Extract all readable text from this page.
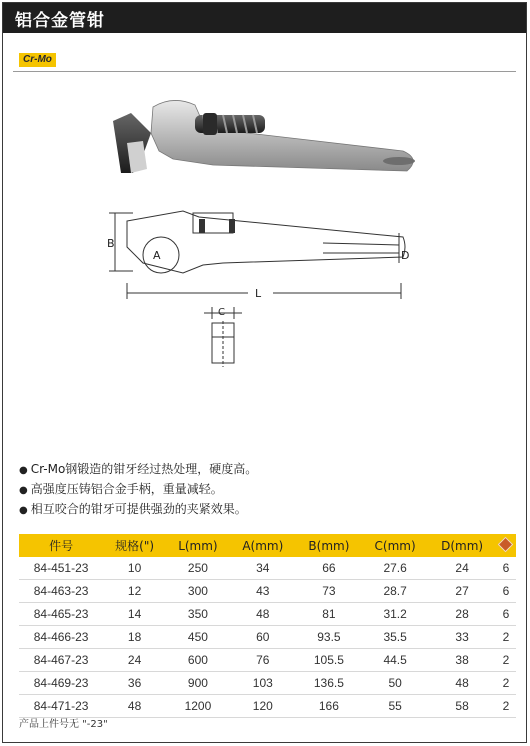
铝合金管钳
Cr-Mo
B
A	D
L
C
● Cr-Mo钢锻造的钳牙经过热处理，硬度高。
● 高强度压铸铝合金手柄，重量减轻。
● 相互咬合的钳牙可提供强劲的夹紧效果。
件号	规格(")	L(mm)	A(mm)	B(mm)	C(mm)	D(mm)	
84-451-23	10	250	34	66	27.6	24	6
84-463-23	12	300	43	73	28.7	27	6
84-465-23	14	350	48	81	31.2	28	6
84-466-23	18	450	60	93.5	35.5	33	2
84-467-23	24	600	76	105.5	44.5	38	2
84-469-23	36	900	103	136.5	50	48	2
84-471-23	48	1200	120	166	55	58	2
产品上件号无 "-23"
